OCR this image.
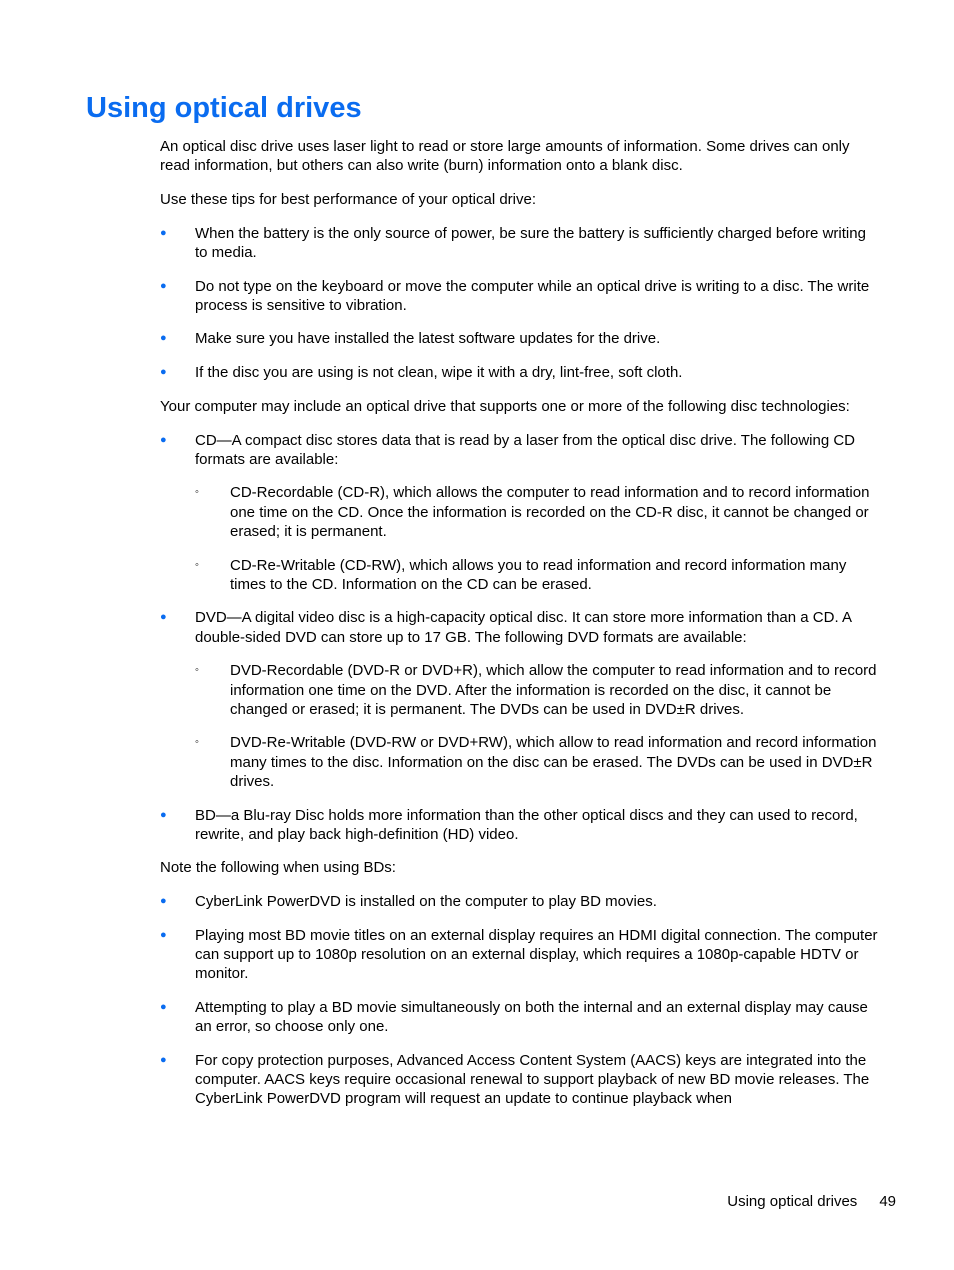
Using optical drives

An optical disc drive uses laser light to read or store large amounts of information. Some drives can only read information, but others can also write (burn) information onto a blank disc.

Use these tips for best performance of your optical drive:

●	When the battery is the only source of power, be sure the battery is sufficiently charged before writing to media.
●	Do not type on the keyboard or move the computer while an optical drive is writing to a disc. The write process is sensitive to vibration.
●	Make sure you have installed the latest software updates for the drive.
●	If the disc you are using is not clean, wipe it with a dry, lint-free, soft cloth.

Your computer may include an optical drive that supports one or more of the following disc technologies:

●	CD—A compact disc stores data that is read by a laser from the optical disc drive. The following CD formats are available:
◦	CD-Recordable (CD-R), which allows the computer to read information and to record information one time on the CD. Once the information is recorded on the CD-R disc, it cannot be changed or erased; it is permanent.
◦	CD-Re-Writable (CD-RW), which allows you to read information and record information many times to the CD. Information on the CD can be erased.
●	DVD—A digital video disc is a high-capacity optical disc. It can store more information than a CD. A double-sided DVD can store up to 17 GB. The following DVD formats are available:
◦	DVD-Recordable (DVD-R or DVD+R), which allow the computer to read information and to record information one time on the DVD. After the information is recorded on the disc, it cannot be changed or erased; it is permanent. The DVDs can be used in DVD±R drives.
◦	DVD-Re-Writable (DVD-RW or DVD+RW), which allow to read information and record information many times to the disc. Information on the disc can be erased. The DVDs can be used in DVD±R drives.
●	BD—a Blu-ray Disc holds more information than the other optical discs and they can used to record, rewrite, and play back high-definition (HD) video.

Note the following when using BDs:

●	CyberLink PowerDVD is installed on the computer to play BD movies.
●	Playing most BD movie titles on an external display requires an HDMI digital connection. The computer can support up to 1080p resolution on an external display, which requires a 1080p-capable HDTV or monitor.
●	Attempting to play a BD movie simultaneously on both the internal and an external display may cause an error, so choose only one.
●	For copy protection purposes, Advanced Access Content System (AACS) keys are integrated into the computer. AACS keys require occasional renewal to support playback of new BD movie releases. The CyberLink PowerDVD program will request an update to continue playback when
Using optical drives 49
